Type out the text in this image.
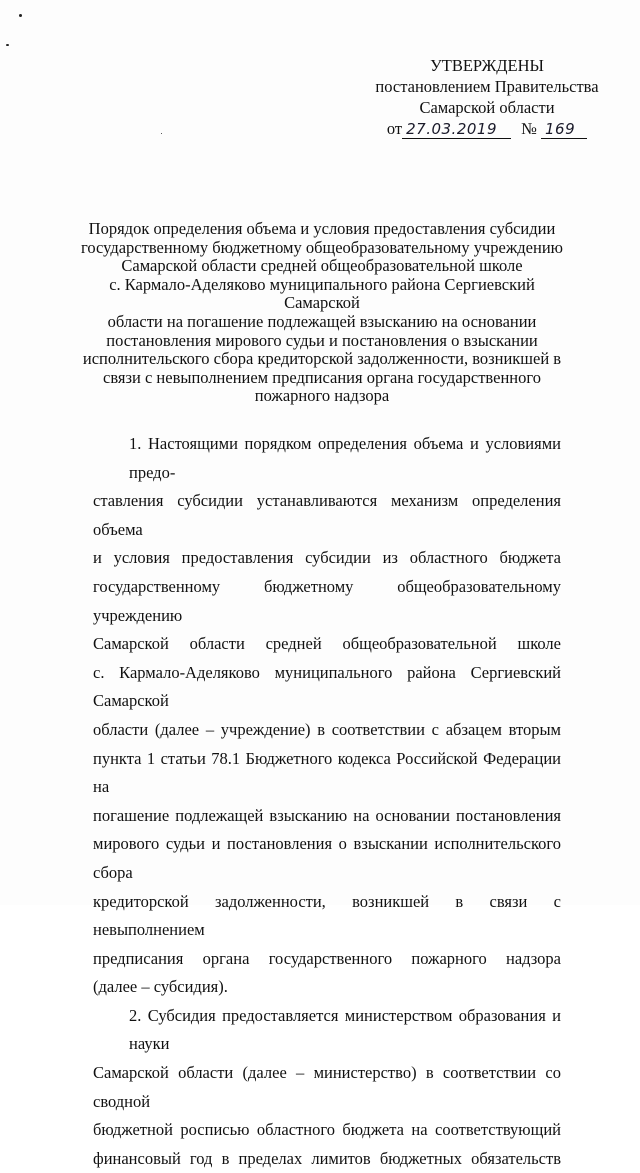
УТВЕРЖДЕНЫ
постановлением Правительства
Самарской области
от 27.03.2019 № 169
Порядок определения объема и условия предоставления субсидии
государственному бюджетному общеобразовательному учреждению
Самарской области средней общеобразовательной школе
с. Кармало-Аделяково муниципального района Сергиевский Самарской
области на погашение подлежащей взысканию на основании
постановления мирового судьи и постановления о взыскании
исполнительского сбора кредиторской задолженности, возникшей в
связи с невыполнением предписания органа государственного
пожарного надзора
1. Настоящими порядком определения объема и условиями предо-
ставления субсидии устанавливаются механизм определения объема
и условия предоставления субсидии из областного бюджета
государственному бюджетному общеобразовательному учреждению
Самарской области средней общеобразовательной школе
с. Кармало-Аделяково муниципального района Сергиевский Самарской
области (далее – учреждение) в соответствии с абзацем вторым
пункта 1 статьи 78.1 Бюджетного кодекса Российской Федерации на
погашение подлежащей взысканию на основании постановления
мирового судьи и постановления о взыскании исполнительского сбора
кредиторской задолженности, возникшей в связи с невыполнением
предписания органа государственного пожарного надзора
(далее – субсидия).
2. Субсидия предоставляется министерством образования и науки
Самарской области (далее – министерство) в соответствии со сводной
бюджетной росписью областного бюджета на соответствующий
финансовый год в пределах лимитов бюджетных обязательств
